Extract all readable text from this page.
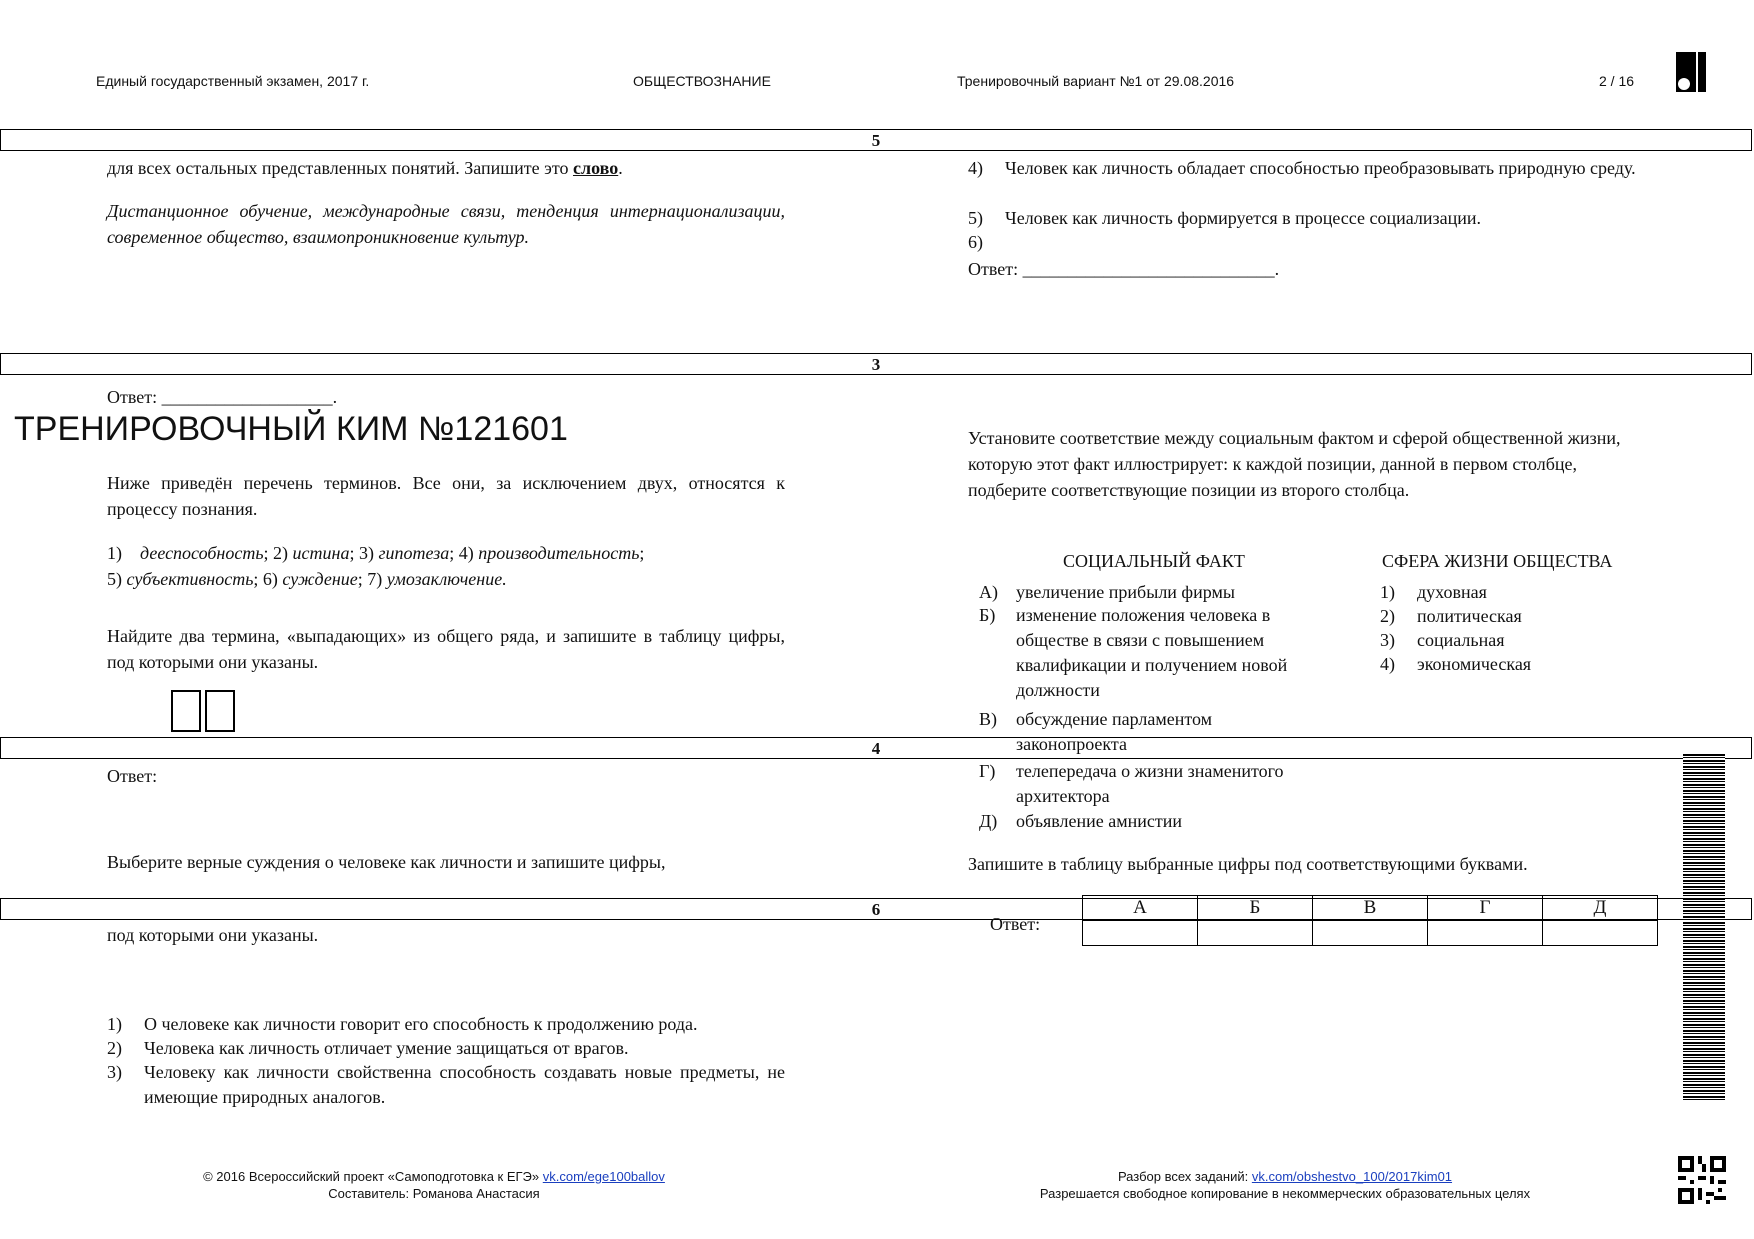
Единый государственный экзамен, 2017 г.	ОБЩЕСТВОЗНАНИЕ	Тренировочный вариант №1 от 29.08.2016	2 / 16
5
3
4
6
для всех остальных представленных понятий. Запишите это слово.
Дистанционное обучение, международные связи, тенденция интернационализации, современное общество, взаимопроникновение культур.
Ответ: ___________________.
ТРЕНИРОВОЧНЫЙ КИМ №121601
Ниже приведён перечень терминов. Все они, за исключением двух, относятся к процессу познания.
1) дееспособность; 2) истина; 3) гипотеза; 4) производительность;
5) субъективность; 6) суждение; 7) умозаключение.
Найдите два термина, «выпадающих» из общего ряда, и запишите в таблицу цифры, под которыми они указаны.
Ответ:
Выберите верные суждения о человеке как личности и запишите цифры,
под которыми они указаны.
1) О человеке как личности говорит его способность к продолжению рода.
2) Человека как личность отличает умение защищаться от врагов.
3) Человеку как личности свойственна способность создавать новые предметы, не имеющие природных аналогов.
4) Человек как личность обладает способностью преобразовывать природную среду.
5) Человек как личность формируется в процессе социализации.
6)
Ответ: ____________________________.
Установите соответствие между социальным фактом и сферой общественной жизни, которую этот факт иллюстрирует: к каждой позиции, данной в первом столбце, подберите соответствующие позиции из второго столбца.
СОЦИАЛЬНЫЙ ФАКТ	СФЕРА ЖИЗНИ ОБЩЕСТВА
А) увеличение прибыли фирмы
Б) изменение положения человека в обществе в связи с повышением квалификации и получением новой должности
В) обсуждение парламентом законопроекта
Г) телепередача о жизни знаменитого архитектора
Д) объявление амнистии
1) духовная
2) политическая
3) социальная
4) экономическая
Запишите в таблицу выбранные цифры под соответствующими буквами.
Ответ:
А	Б	В	Г	Д

© 2016 Всероссийский проект «Самоподготовка к ЕГЭ» vk.com/ege100ballov
Составитель: Романова Анастасия
Разбор всех заданий: vk.com/obshestvo_100/2017kim01
Разрешается свободное копирование в некоммерческих образовательных целях
